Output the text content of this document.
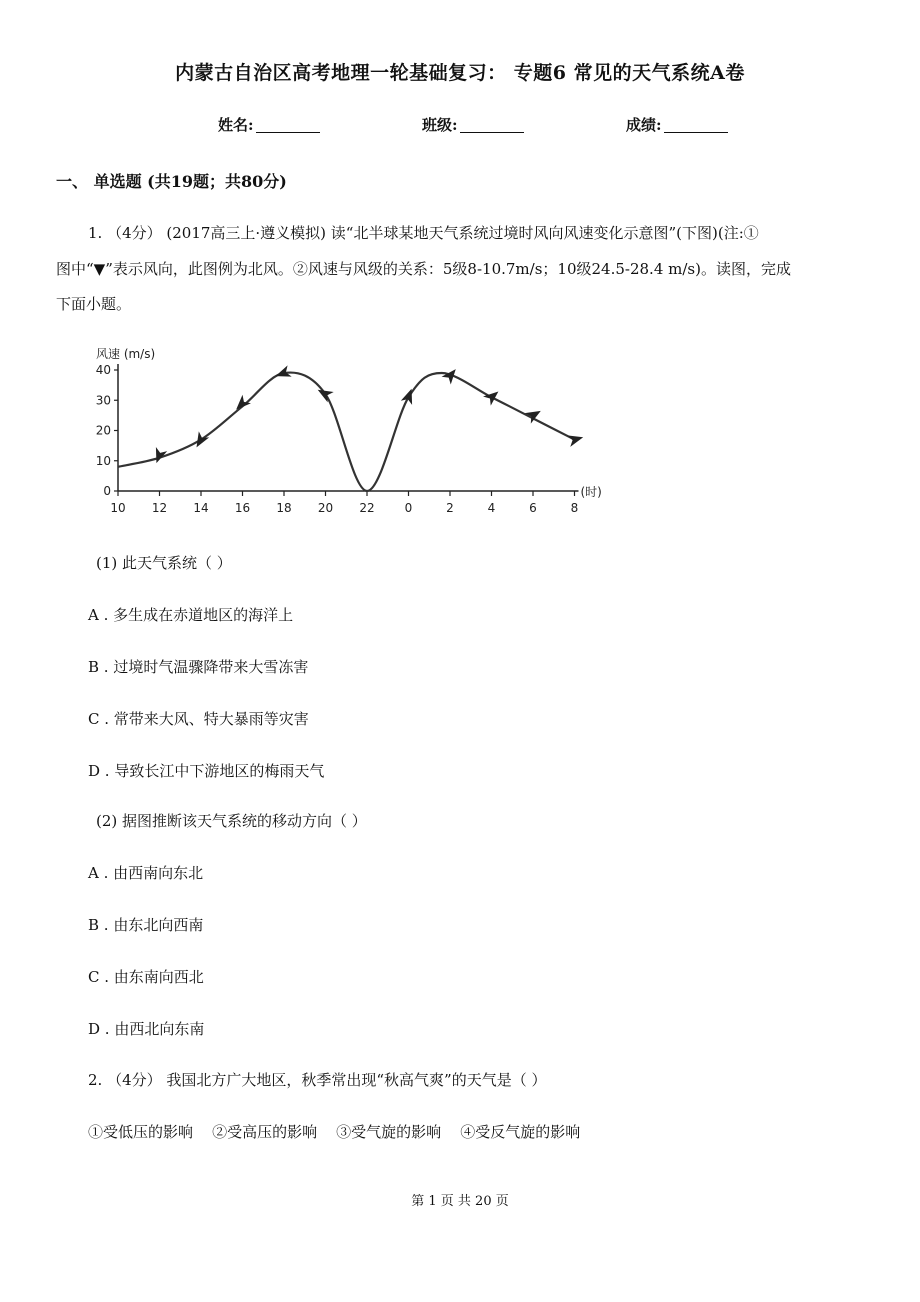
内蒙古自治区高考地理一轮基础复习： 专题6 常见的天气系统A卷
姓名:	班级:	成绩:
一、 单选题 (共19题；共80分)
1. （4分） (2017高三上·遵义模拟) 读“北半球某地天气系统过境时风向风速变化示意图”(下图)(注:①
图中“▼”表示风向，此图例为北风。②风速与风级的关系：5级8-10.7m/s；10级24.5-28.4 m/s)。读图，完成
下面小题。
0
10
20
30
40
10 12 14 16 18 20 22	0	2	4	6	8
风速 (m/s)
(时)
(1) 此天气系统（ ）
A . 多生成在赤道地区的海洋上
B . 过境时气温骤降带来大雪冻害
C . 常带来大风、特大暴雨等灾害
D . 导致长江中下游地区的梅雨天气
(2) 据图推断该天气系统的移动方向（ ）
A . 由西南向东北
B . 由东北向西南
C . 由东南向西北
D . 由西北向东南
2. （4分） 我国北方广大地区，秋季常出现“秋高气爽”的天气是（ ）
①受低压的影响    ②受高压的影响    ③受气旋的影响    ④受反气旋的影响
第 1 页 共 20 页
